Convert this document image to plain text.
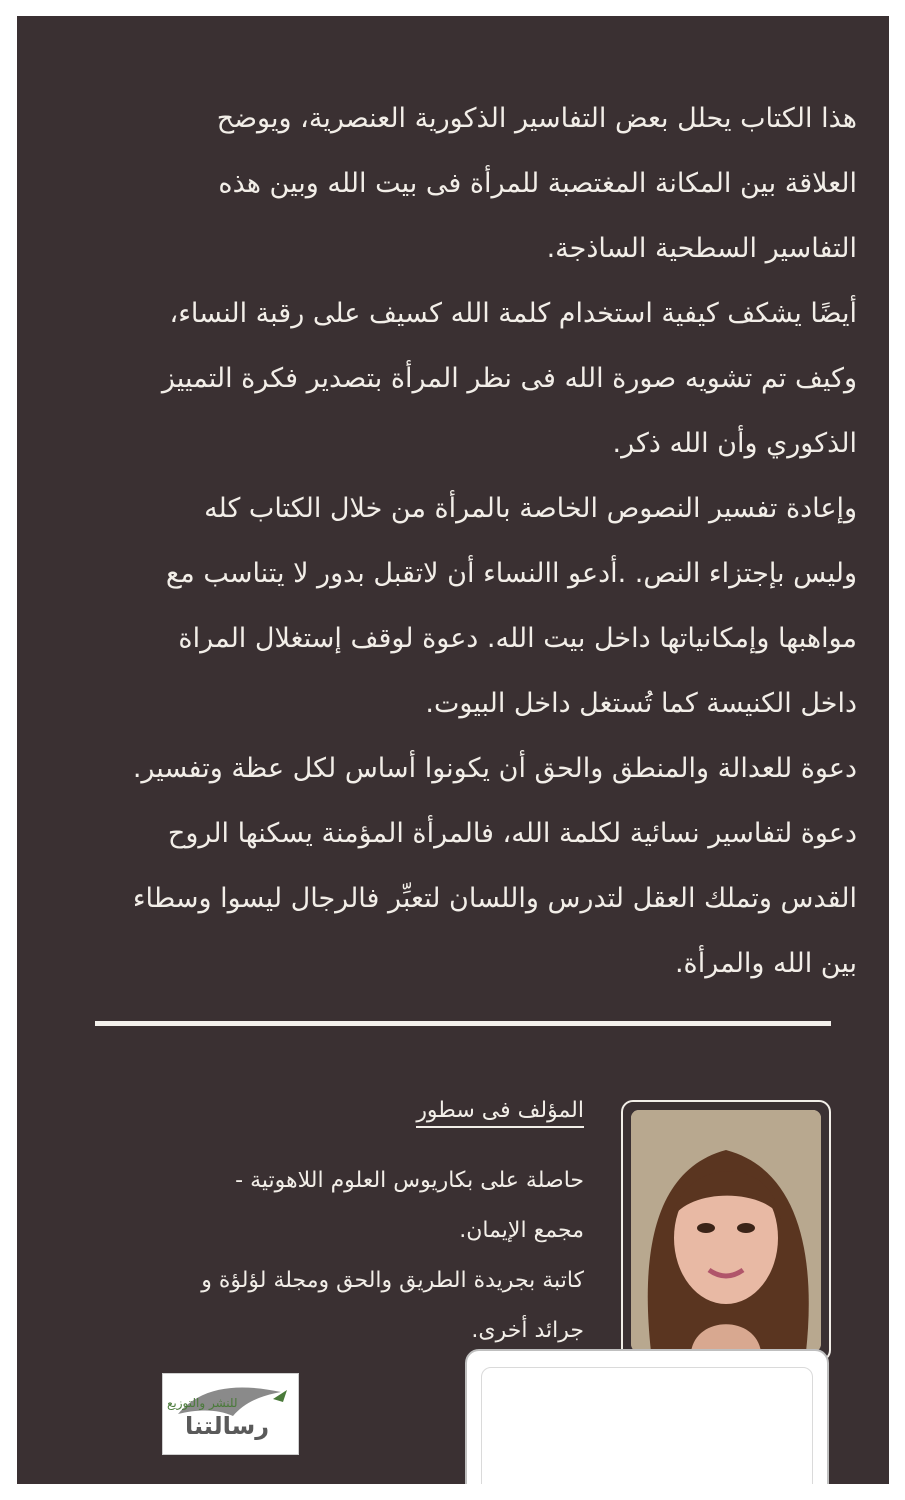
هذا الكتاب يحلل بعض التفاسير الذكورية العنصرية، ويوضح
العلاقة بين المكانة المغتصبة للمرأة فى بيت الله وبين هذه
التفاسير السطحية الساذجة.
أيضًا يشكف كيفية استخدام كلمة الله كسيف على رقبة النساء،
وكيف تم تشويه صورة الله فى نظر المرأة بتصدير فكرة التمييز
الذكوري وأن الله ذكر.
وإعادة تفسير النصوص الخاصة بالمرأة من خلال الكتاب كله
وليس بإجتزاء النص. .أدعو االنساء أن لاتقبل بدور لا يتناسب مع
مواهبها وإمكانياتها داخل بيت الله. دعوة لوقف إستغلال المراة
داخل الكنيسة كما تُستغل داخل البيوت.
دعوة للعدالة والمنطق والحق أن يكونوا أساس لكل عظة وتفسير.
دعوة لتفاسير نسائية لكلمة الله، فالمرأة المؤمنة يسكنها الروح
القدس وتملك العقل لتدرس واللسان لتعبِّر فالرجال ليسوا وسطاء
بين الله والمرأة.
المؤلف فى سطور
حاصلة على بكاريوس العلوم اللاهوتية -
مجمع الإيمان.
كاتبة بجريدة الطريق والحق ومجلة لؤلؤة و
جرائد أخرى.
للنشر والتوزيع
رسالتنا
